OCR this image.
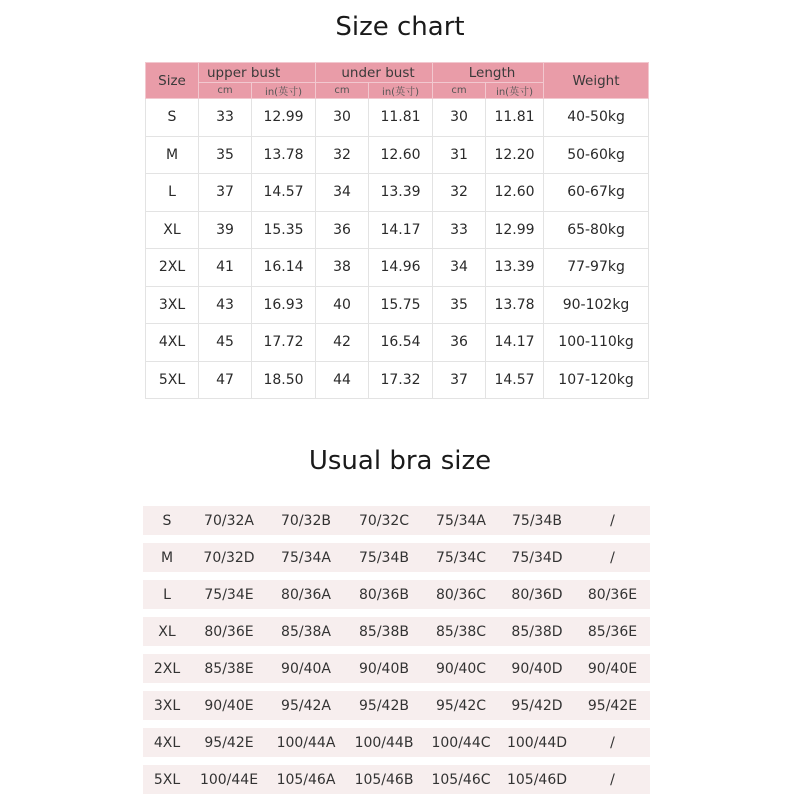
Size chart
Size	upper bust		under bust		Length		Weight
	cm	in(英寸)	cm	in(英寸)	cm	in(英寸)	
S	33	12.99	30	11.81	30	11.81	40-50kg
M	35	13.78	32	12.60	31	12.20	50-60kg
L	37	14.57	34	13.39	32	12.60	60-67kg
XL	39	15.35	36	14.17	33	12.99	65-80kg
2XL	41	16.14	38	14.96	34	13.39	77-97kg
3XL	43	16.93	40	15.75	35	13.78	90-102kg
4XL	45	17.72	42	16.54	36	14.17	100-110kg
5XL	47	18.50	44	17.32	37	14.57	107-120kg
Usual bra size
S	70/32A	70/32B	70/32C	75/34A	75/34B	/
M	70/32D	75/34A	75/34B	75/34C	75/34D	/
L	75/34E	80/36A	80/36B	80/36C	80/36D	80/36E
XL	80/36E	85/38A	85/38B	85/38C	85/38D	85/36E
2XL	85/38E	90/40A	90/40B	90/40C	90/40D	90/40E
3XL	90/40E	95/42A	95/42B	95/42C	95/42D	95/42E
4XL	95/42E	100/44A	100/44B	100/44C	100/44D	/
5XL	100/44E	105/46A	105/46B	105/46C	105/46D	/
